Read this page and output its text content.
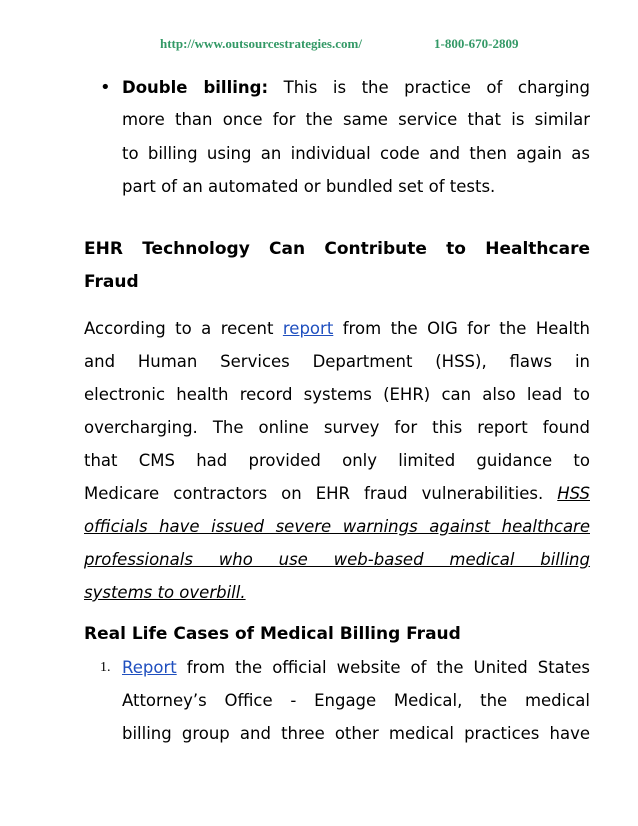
http://www.outsourcestrategies.com/	1-800-670-2809
• Double billing: This is the practice of charging
more than once for the same service that is similar
to billing using an individual code and then again as
part of an automated or bundled set of tests.
EHR Technology Can Contribute to Healthcare
Fraud
According to a recent report from the OIG for the Health
and Human Services Department (HSS), flaws in
electronic health record systems (EHR) can also lead to
overcharging. The online survey for this report found
that CMS had provided only limited guidance to
Medicare contractors on EHR fraud vulnerabilities. HSS
officials have issued severe warnings against healthcare
professionals who use web-based medical billing
systems to overbill.
Real Life Cases of Medical Billing Fraud
1. Report from the official website of the United States
Attorney’s Office - Engage Medical, the medical
billing group and three other medical practices have
